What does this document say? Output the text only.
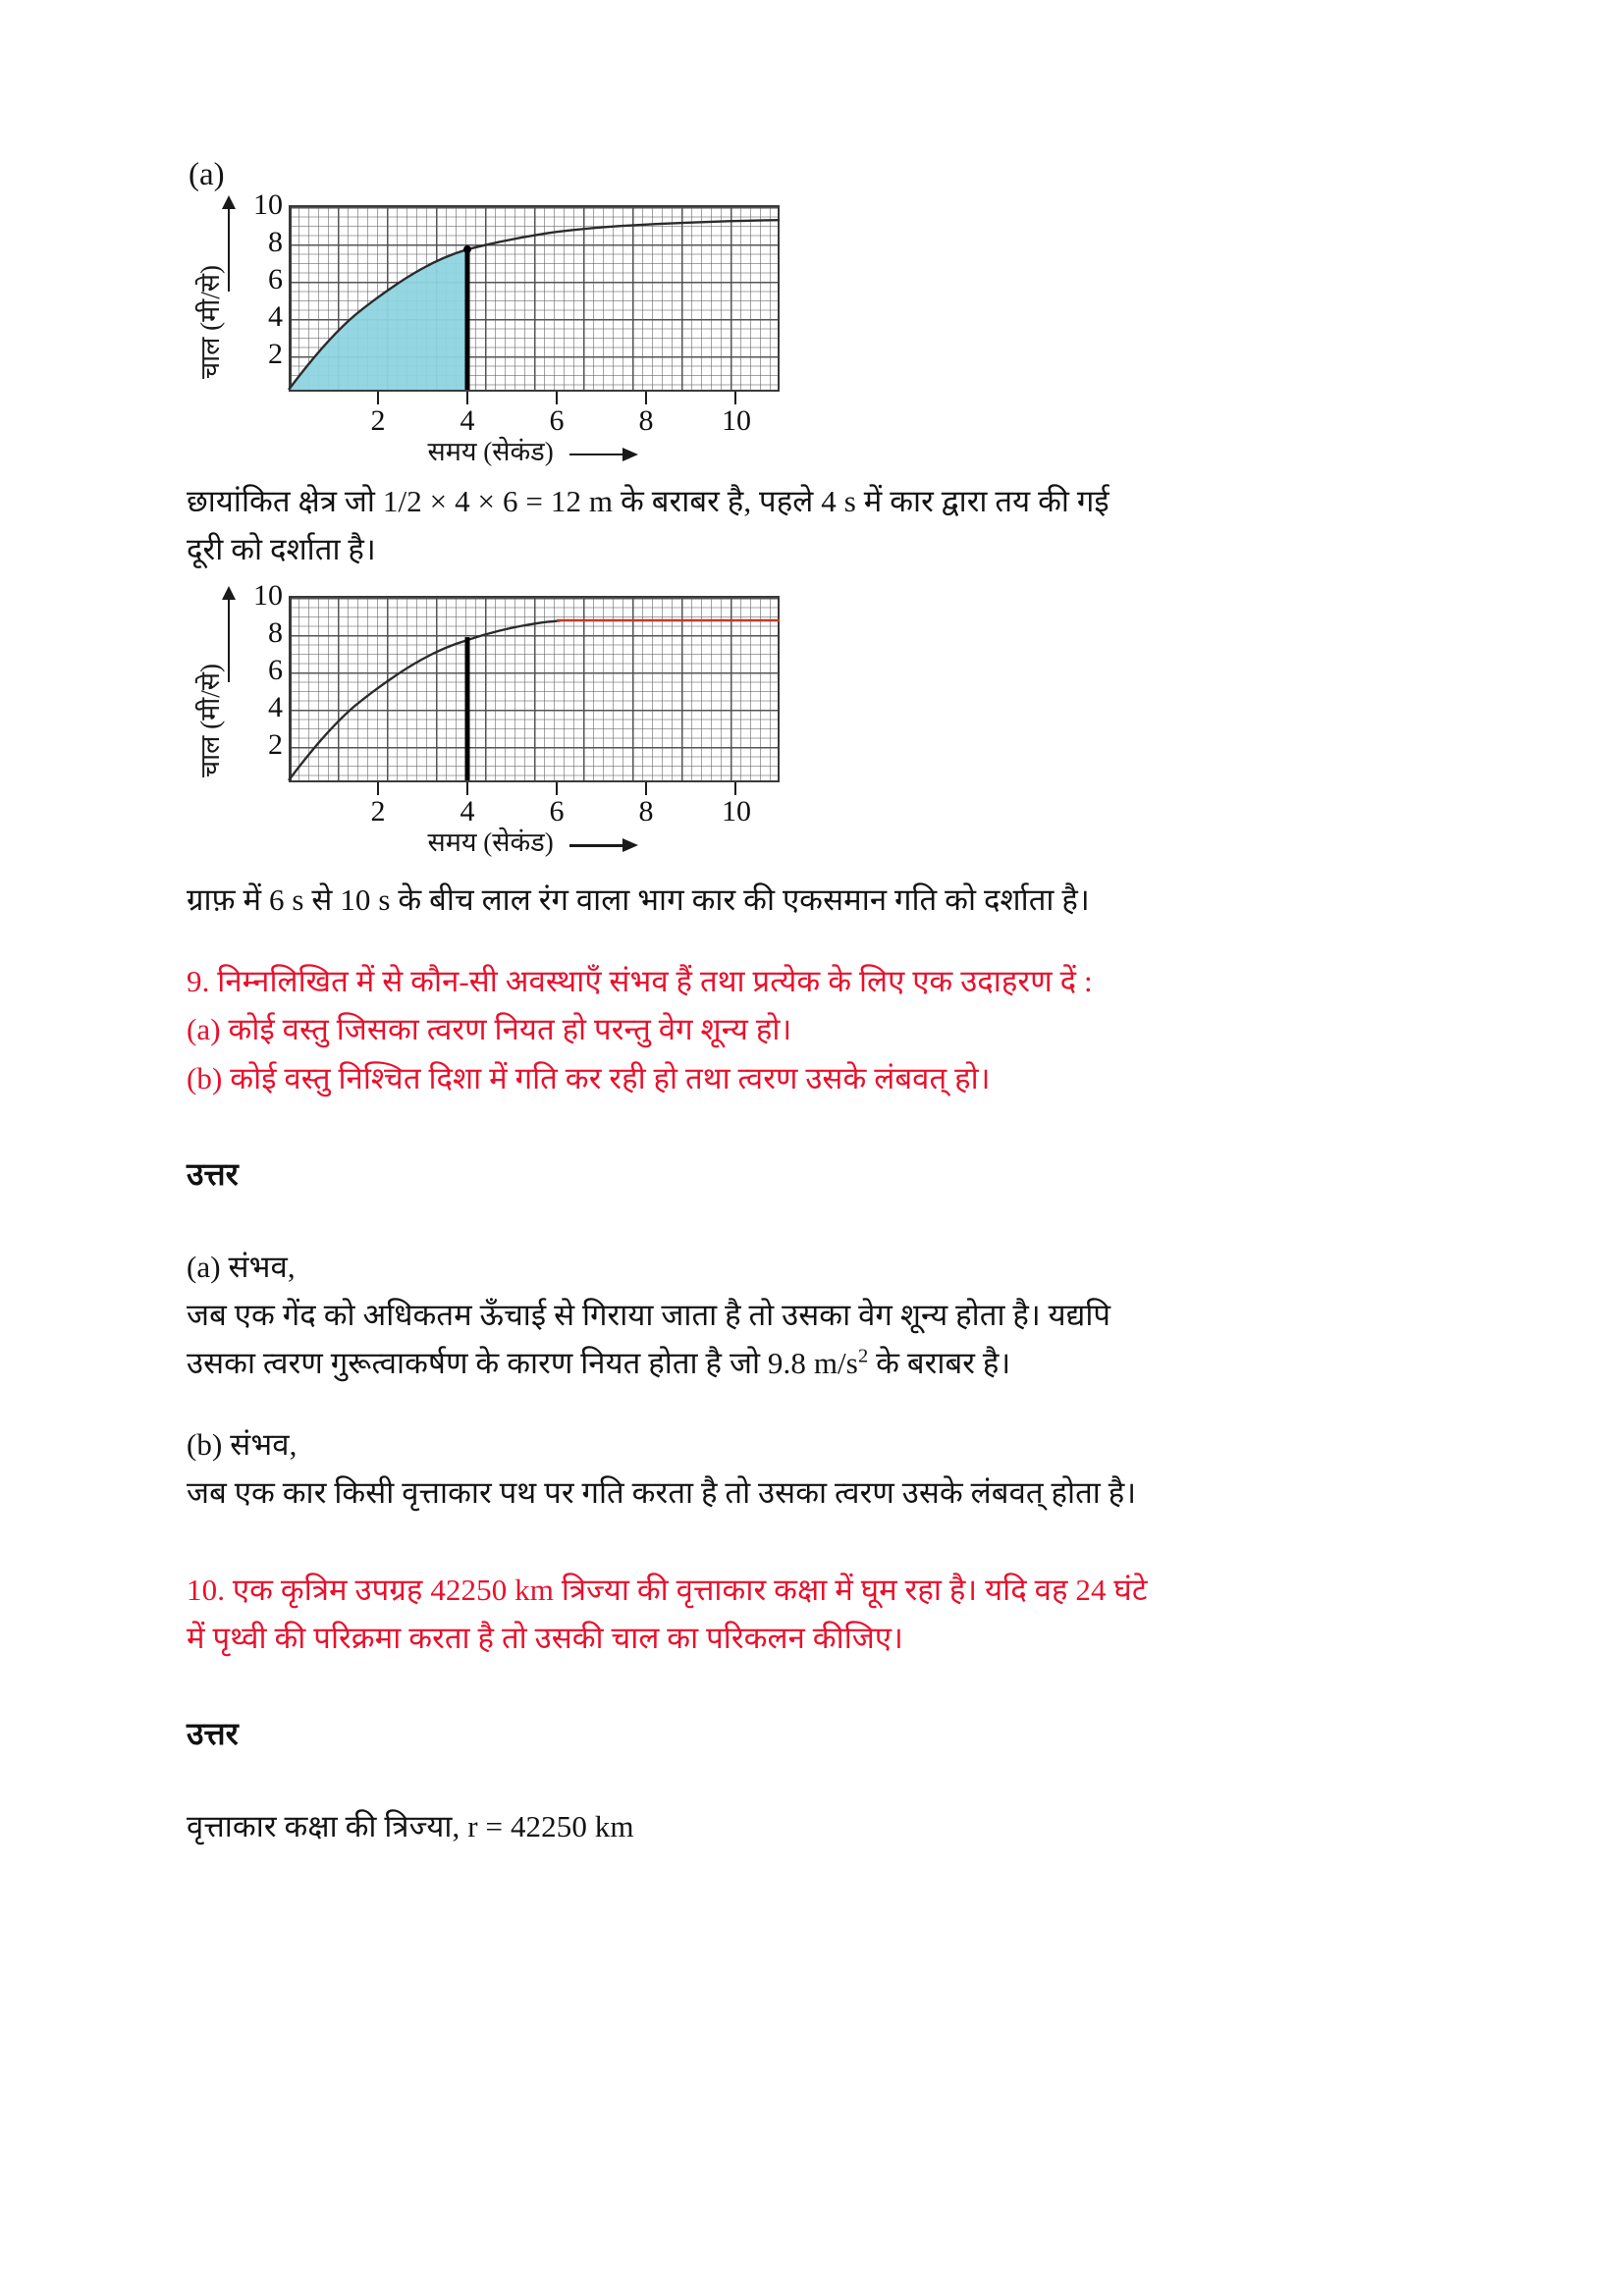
(a)
चाल (मी/से)
10
8
6
4
2
2	4	6	8 10
समय (सेकंड)

छायांकित क्षेत्र जो 1/2 × 4 × 6 = 12 m के बराबर है, पहले 4 s में कार द्वारा तय की गई

दूरी को दर्शाता है।

चाल (मी/से)
10
8
6
4
2
2	4	6	8 10
समय (सेकंड)

ग्राफ़ में 6 s से 10 s के बीच लाल रंग वाला भाग कार की एकसमान गति को दर्शाता है।

9. निम्नलिखित में से कौन-सी अवस्थाएँ संभव हैं तथा प्रत्येक के लिए एक उदाहरण दें :

(a) कोई वस्तु जिसका त्वरण नियत हो परन्तु वेग शून्य हो।

(b) कोई वस्तु निश्चित दिशा में गति कर रही हो तथा त्वरण उसके लंबवत् हो।

उत्तर

(a) संभव,

जब एक गेंद को अधिकतम ऊँचाई से गिराया जाता है तो उसका वेग शून्य होता है। यद्यपि

उसका त्वरण गुरूत्वाकर्षण के कारण नियत होता है जो 9.8 $m/s^2$ के बराबर है।

(b) संभव,

जब एक कार किसी वृत्ताकार पथ पर गति करता है तो उसका त्वरण उसके लंबवत् होता है।

10. एक कृत्रिम उपग्रह 42250 km त्रिज्या की वृत्ताकार कक्षा में घूम रहा है। यदि वह 24 घंटे

में पृथ्वी की परिक्रमा करता है तो उसकी चाल का परिकलन कीजिए।

उत्तर

वृत्ताकार कक्षा की त्रिज्या, r = 42250 km
